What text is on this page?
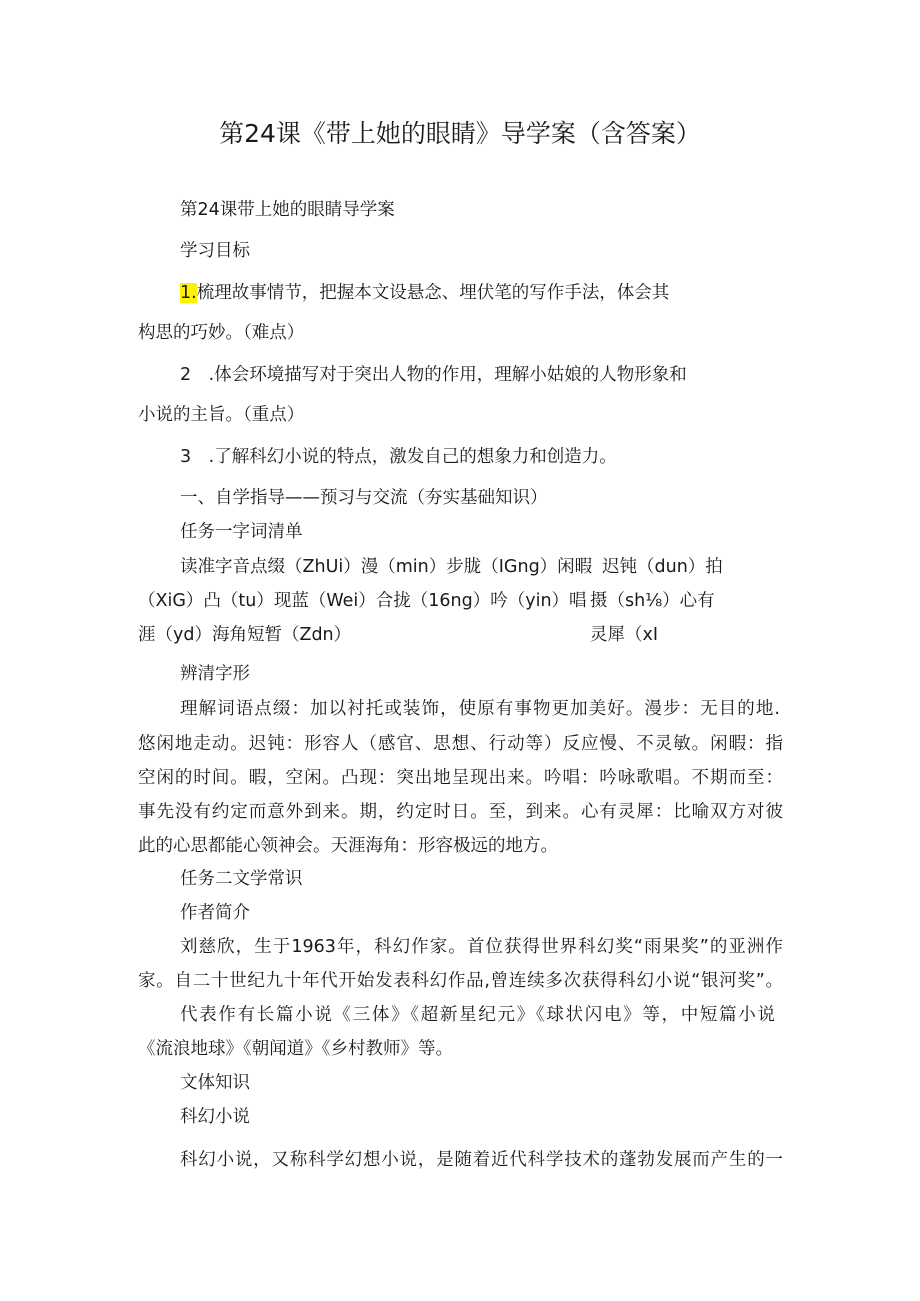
第24课《带上她的眼睛》导学案（含答案）
第24课带上她的眼睛导学案
学习目标
1.梳理故事情节，把握本文设悬念、埋伏笔的写作手法，体会其
构思的巧妙。（难点）
2　.体会环境描写对于突出人物的作用，理解小姑娘的人物形象和
小说的主旨。（重点）
3　.了解科幻小说的特点，激发自己的想象力和创造力。
一、自学指导——预习与交流（夯实基础知识）
任务一字词清单
读准字音点缀（ZhUi）漫（min）步胧（IGng）闲暇
（XiG）凸（tu）现蓝（Wei）合拢（16ng）吟（yin）唱
涯（yd）海角短暂（Zdn）
迟钝（dun）拍
摄（sh⅛）心有
灵犀（xI
辨清字形
理解词语点缀：加以衬托或装饰，使原有事物更加美好。漫步：无目的地.
悠闲地走动。迟钝：形容人（感官、思想、行动等）反应慢、不灵敏。闲暇：指
空闲的时间。暇，空闲。凸现：突出地呈现出来。吟唱：吟咏歌唱。不期而至：
事先没有约定而意外到来。期，约定时日。至，到来。心有灵犀：比喻双方对彼
此的心思都能心领神会。天涯海角：形容极远的地方。
任务二文学常识
作者简介
刘慈欣，生于1963年，科幻作家。首位获得世界科幻奖“雨果奖”的亚洲作
家。自二十世纪九十年代开始发表科幻作品,曾连续多次获得科幻小说“银河奖”。
代表作有长篇小说《三体》《超新星纪元》《球状闪电》等，中短篇小说
《流浪地球》《朝闻道》《乡村教师》等。
文体知识
科幻小说
科幻小说，又称科学幻想小说，是随着近代科学技术的蓬勃发展而产生的一
